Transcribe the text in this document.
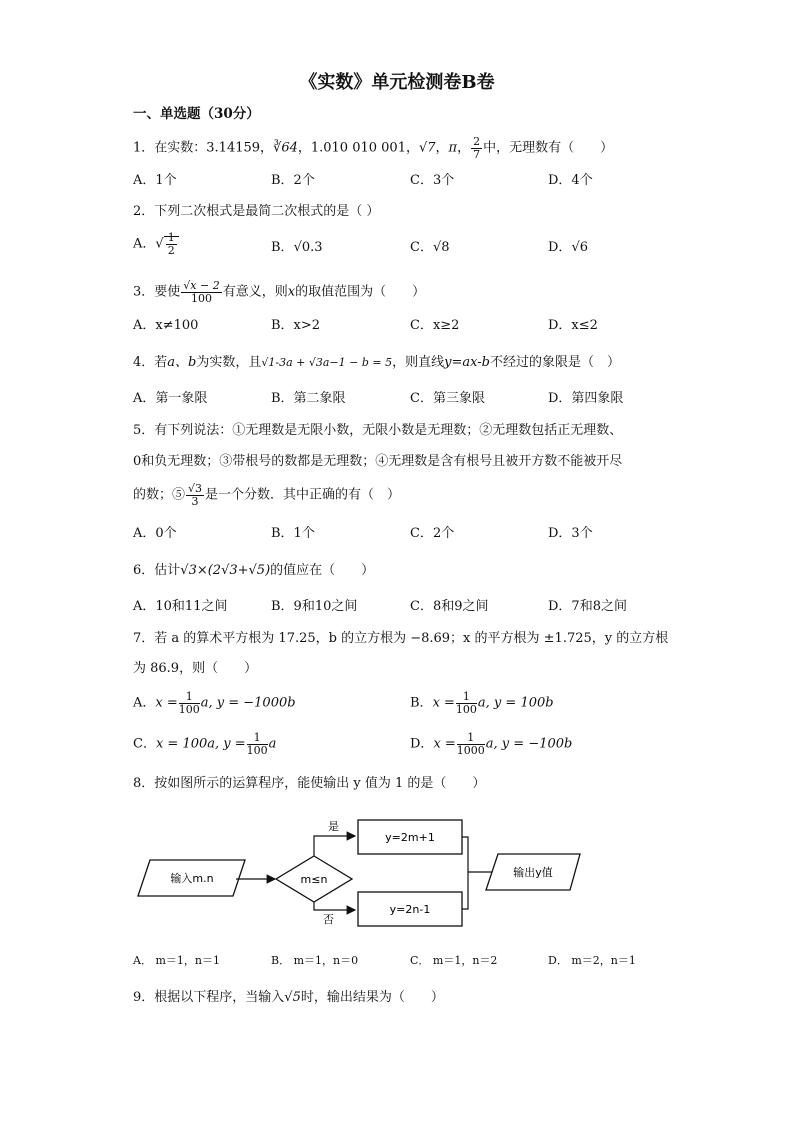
《实数》单元检测卷B卷
一、单选题（30分）
1．在实数：3.14159，∛64，1.010 010 001，√7，π， $\frac{2}{7}$ 中，无理数有（　　）
A．1个	B．2个	C．3个	D．4个
2．下列二次根式是最简二次根式的是（ ）
A．√ $\frac{1}{2}$	B．√0.3	C．√8	D．√6
3．要使 $\frac{√x - 2}{100}$ 有意义，则x的取值范围为（　　）
A．x≠100	B．x>2	C．x≥2	D．x≤2
4．若a、b为实数，且√1-3a + √3a−1 − b = 5，则直线y=ax-b不经过的象限是（　）
A．第一象限	B．第二象限	C．第三象限	D．第四象限
5．有下列说法：①无理数是无限小数，无限小数是无理数；②无理数包括正无理数、
0和负无理数；③带根号的数都是无理数；④无理数是含有根号且被开方数不能被开尽
的数；⑤ $\frac{√3}{3}$ 是一个分数．其中正确的有（　）
A．0个	B．1个	C．2个	D．3个
6．估计√3×(2√3+√5)的值应在（　　）
A．10和11之间	B．9和10之间	C．8和9之间	D．7和8之间
7．若 a 的算术平方根为 17.25，b 的立方根为 −8.69；x 的平方根为 ±1.725，y 的立方根
为 86.9，则（　　）
A．$x = \frac{1}{100} a$, y = −1000b	B．$x = \frac{1}{100} a$, y = 100b
C．x = 100a, $y = \frac{1}{100}$ a	D．$x = \frac{1}{1000} a$, y = −100b
8．按如图所示的运算程序，能使输出 y 值为 1 的是（　　）
输入m.n	m≤n
是
否
y=2m+1
y=2n-1
输出y值
A． m＝1，n＝1	B． m＝1，n＝0	C． m＝1，n＝2	D． m＝2，n＝1
9．根据以下程序，当输入√5时，输出结果为（　　）
